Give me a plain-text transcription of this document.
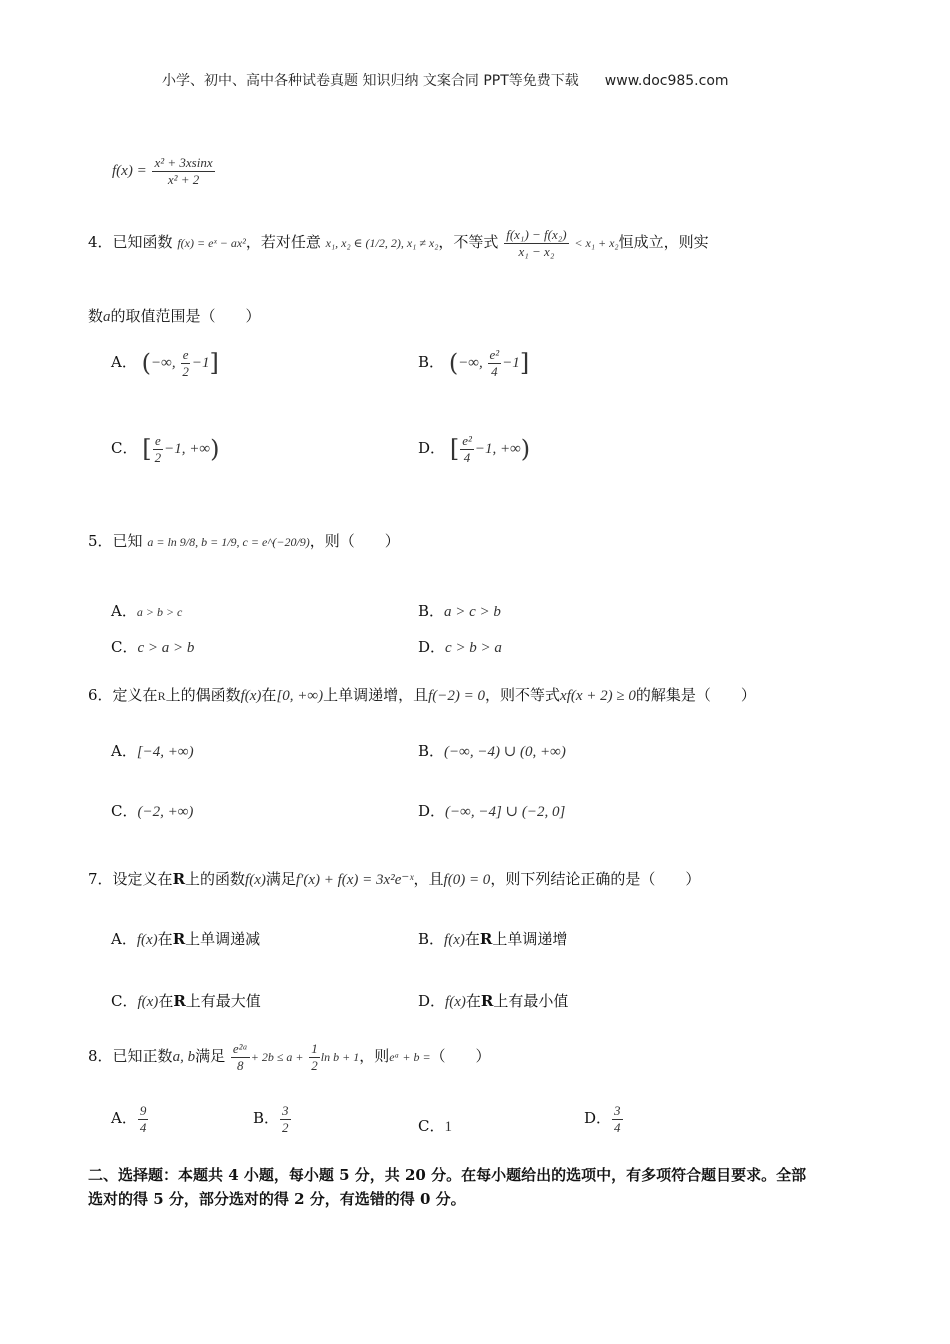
小学、初中、高中各种试卷真题 知识归纳 文案合同 PPT等免费下载 www.doc985.com
$f(x) = \frac{\text{x² + 3xsinx}}{\text{x² + 2}}$
4．已知函数 f(x) = eˣ − ax²，若对任意 x₁, x₂ ∈ (1/2, 2), x₁ ≠ x₂，不等式 $\frac{\text{f(x₁) − f(x₂)}}{\text{x₁ − x₂}} < x_1 + x_2$恒成立，则实
数a的取值范围是（　　）
A． (−∞, $\frac{e}{2} -1$]	B． (−∞, $\frac{\text{e²}}{4} -1$]
C． [ $\frac{e}{2} -1$, +∞)	D． [ $\frac{\text{e²}}{4} -1$, +∞)
5．已知 a = ln 9/8, b = 1/9, c = e^(−20/9)，则（　　）
A．a > b > c	B．a > c > b
C．c > a > b	D．c > b > a
6．定义在R上的偶函数f(x)在[0, +∞)上单调递增，且f(−2) = 0，则不等式xf(x + 2) ≥ 0的解集是（　　）
A．[−4, +∞)	B．(−∞, −4) ∪ (0, +∞)
C．(−2, +∞)	D．(−∞, −4] ∪ (−2, 0]
7．设定义在R上的函数f(x)满足f′(x) + f(x) = 3x²e⁻ˣ，且f(0) = 0，则下列结论正确的是（　　）
A．f(x)在R上单调递减	B．f(x)在R上单调递增
C．f(x)在R上有最大值	D．f(x)在R上有最小值
8．已知正数a, b满足 $\frac{\text{e²ᵃ}}{8} + 2b \le a + \frac{1}{2}$ ln b + 1，则eᵃ + b =（　　）
A． $\frac{9}{4}$	B． $\frac{3}{2}$	C．1	D． $\frac{3}{4}$
二、选择题：本题共 4 小题，每小题 5 分，共 20 分。在每小题给出的选项中，有多项符合题目要求。全部
选对的得 5 分，部分选对的得 2 分，有选错的得 0 分。
